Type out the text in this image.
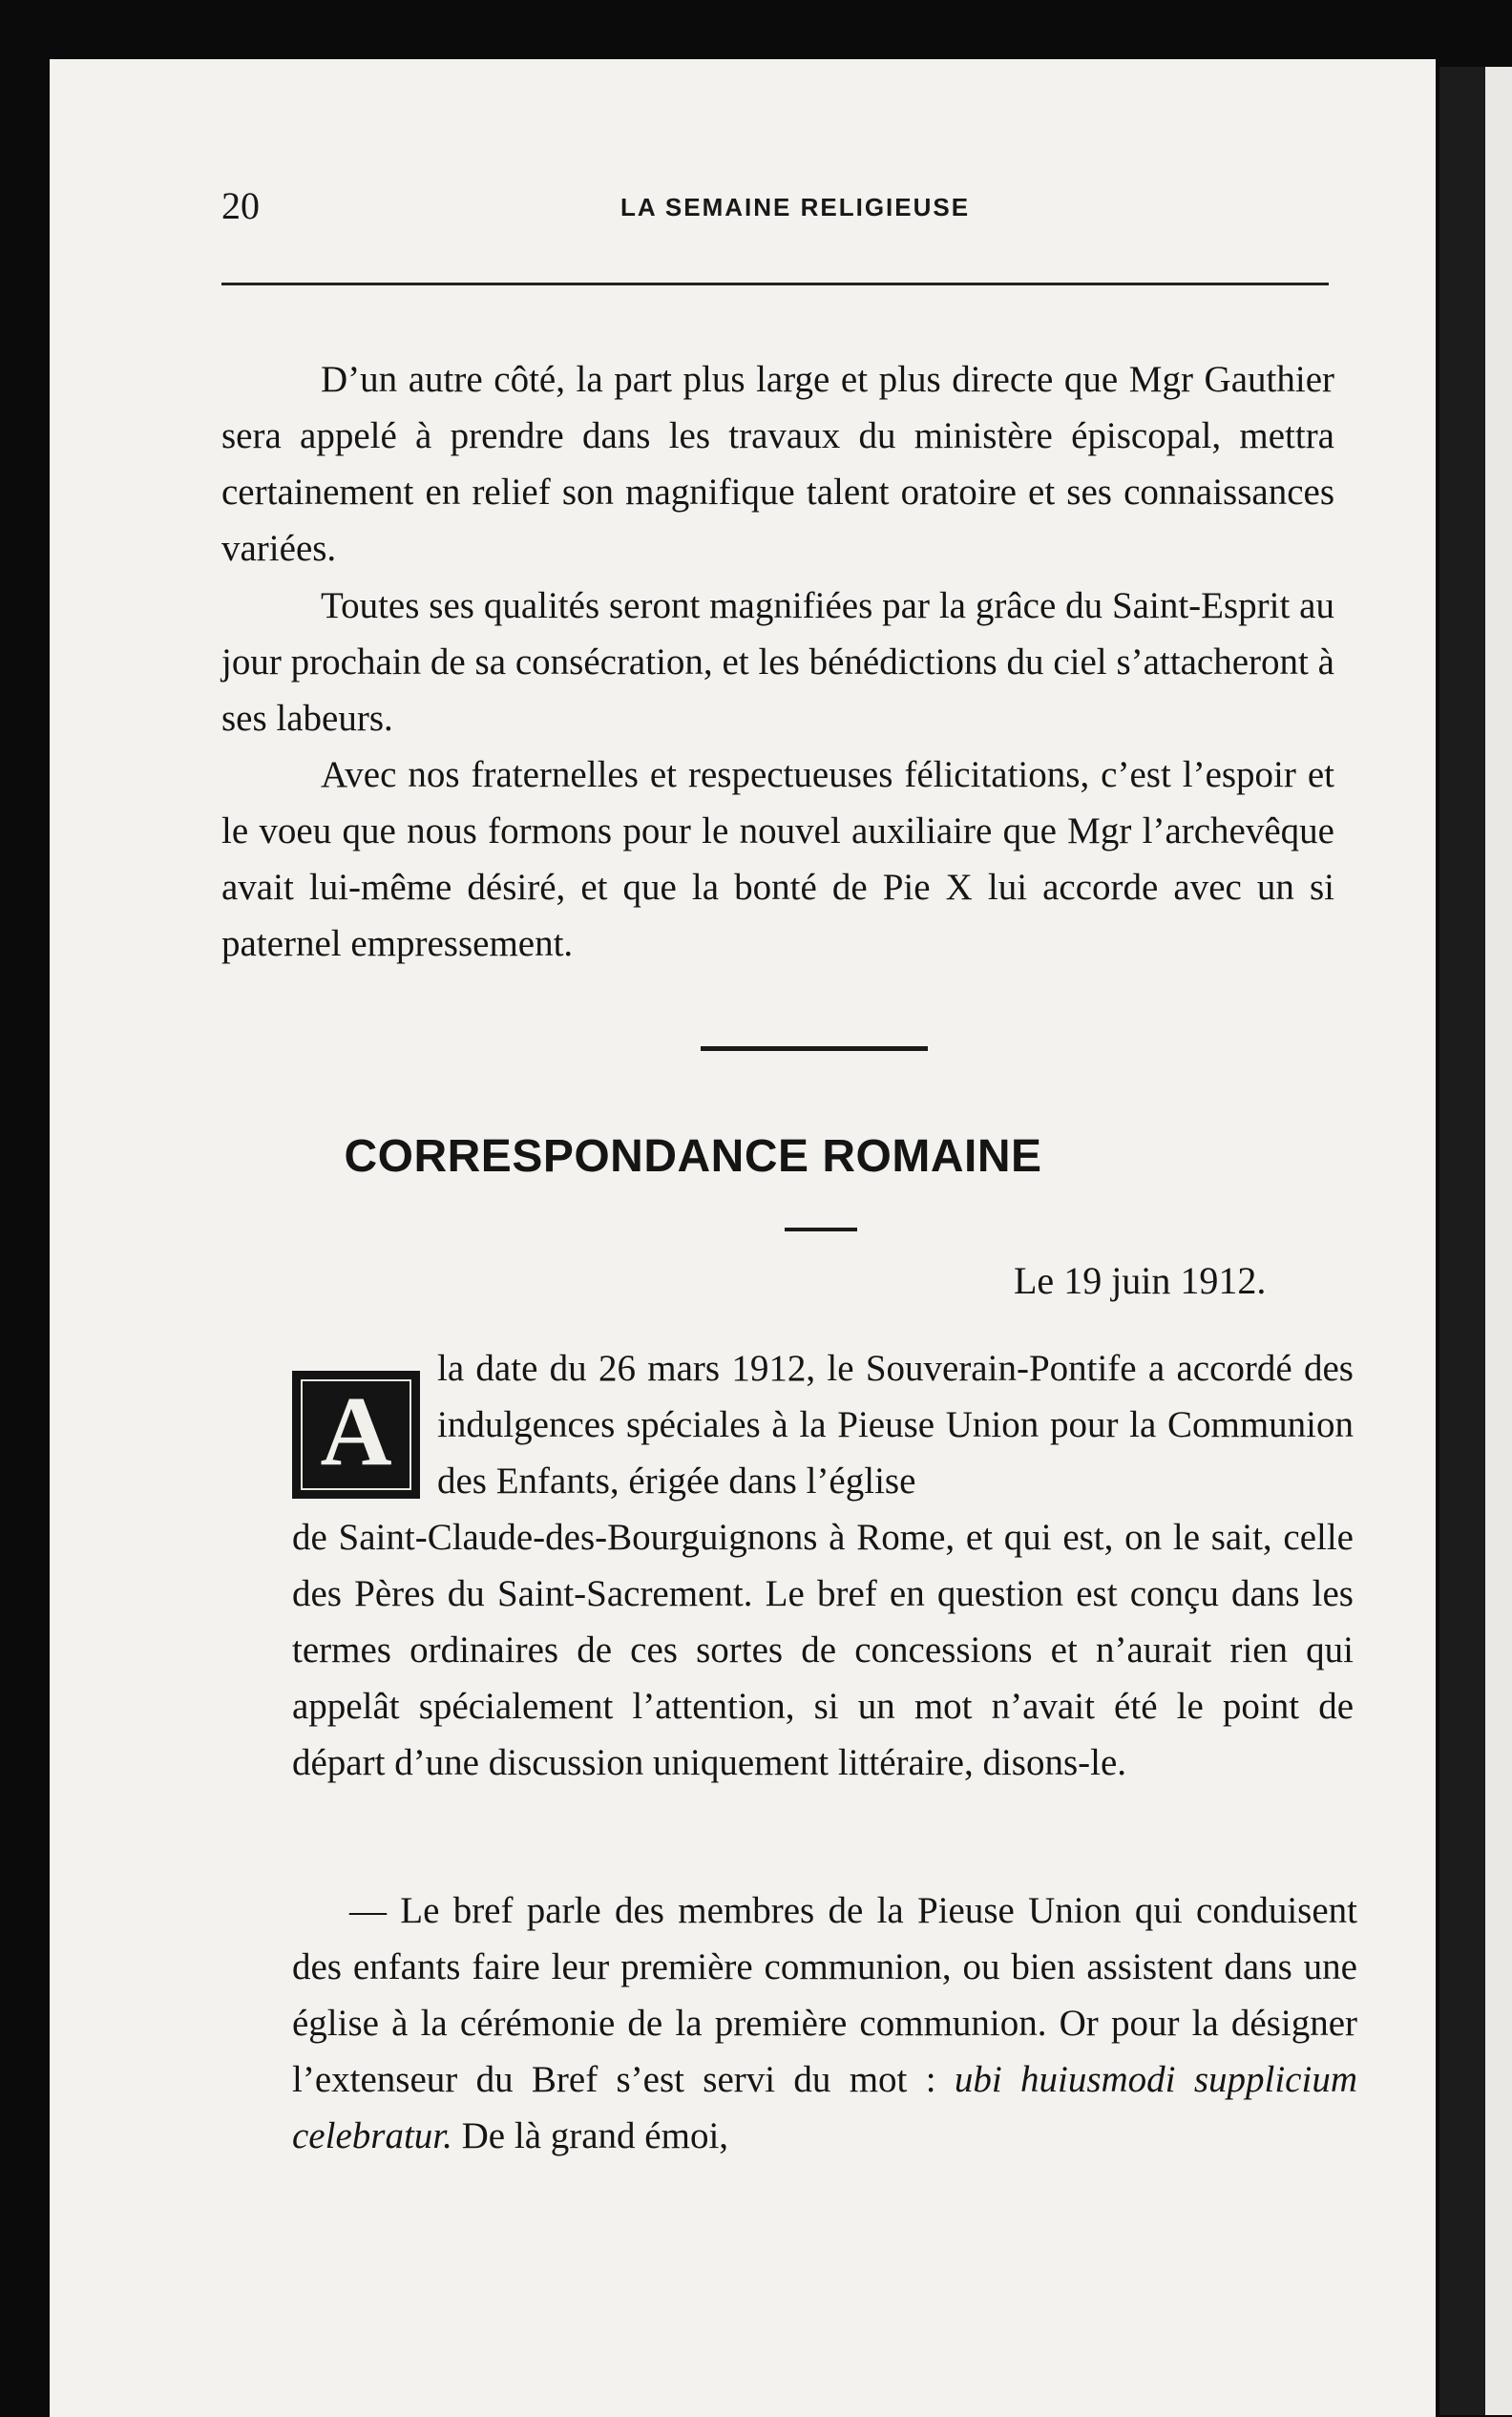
20	LA SEMAINE RELIGIEUSE

D’un autre côté, la part plus large et plus directe que Mgr Gauthier sera appelé à prendre dans les travaux du ministère épiscopal, mettra certainement en relief son magnifique talent oratoire et ses connaissances variées.

Toutes ses qualités seront magnifiées par la grâce du Saint-Esprit au jour prochain de sa consécration, et les bénédictions du ciel s’attacheront à ses labeurs.

Avec nos fraternelles et respectueuses félicitations, c’est l’espoir et le voeu que nous formons pour le nouvel auxiliaire que Mgr l’archevêque avait lui-même désiré, et que la bonté de Pie X lui accorde avec un si paternel empressement.

CORRESPONDANCE ROMAINE
Le 19 juin 1912.
A

la date du 26 mars 1912, le Souverain-Pontife a accordé des indulgences spéciales à la Pieuse Union pour la Communion des Enfants, érigée dans l’église

de Saint-Claude-des-Bourguignons à Rome, et qui est, on le sait, celle des Pères du Saint-Sacrement. Le bref en question est conçu dans les termes ordinaires de ces sortes de concessions et n’aurait rien qui appelât spécialement l’attention, si un mot n’avait été le point de départ d’une discussion uniquement littéraire, disons-le.

— Le bref parle des membres de la Pieuse Union qui conduisent des enfants faire leur première communion, ou bien assistent dans une église à la cérémonie de la première communion. Or pour la désigner l’extenseur du Bref s’est servi du mot : ubi huiusmodi supplicium celebratur. De là grand émoi,
